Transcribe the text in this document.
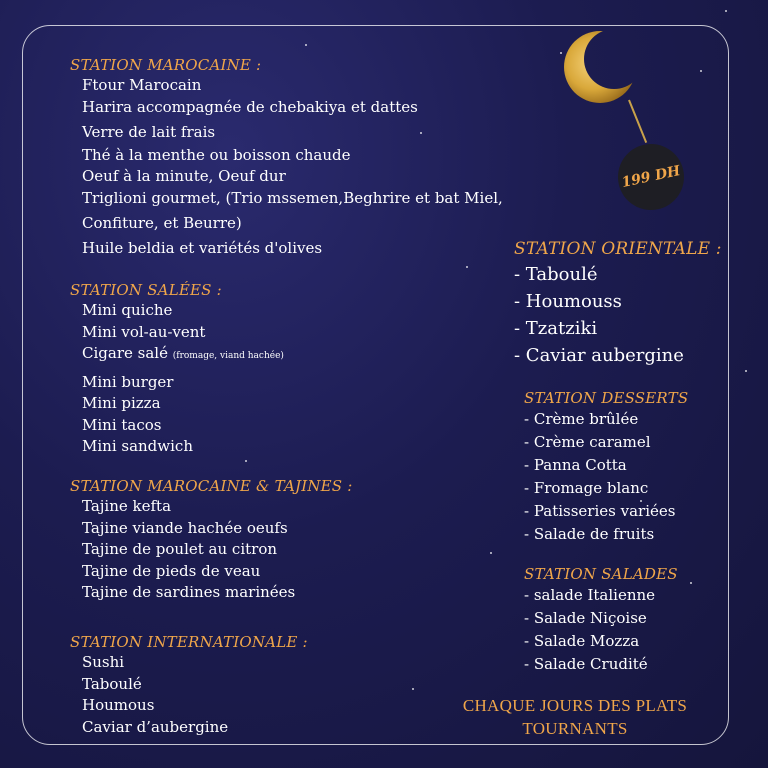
199 DH
STATION MAROCAINE :
Ftour Marocain
Harira accompagnée de chebakiya et dattes
Verre de lait frais
Thé à la menthe ou boisson chaude
Oeuf à la minute, Oeuf dur
Triglioni gourmet, (Trio mssemen,Beghrire et bat Miel,
Confiture, et Beurre)
Huile beldia et variétés d'olives
STATION SALÉES :
Mini quiche
Mini vol-au-vent
Cigare salé (fromage, viand hachée)
Mini burger
Mini pizza
Mini tacos
Mini sandwich
STATION MAROCAINE & TAJINES :
Tajine kefta
Tajine viande hachée oeufs
Tajine de poulet au citron
Tajine de pieds de veau
Tajine de sardines marinées
STATION INTERNATIONALE :
Sushi
Taboulé
Houmous
Caviar d’aubergine
STATION ORIENTALE :
- Taboulé
- Houmouss
- Tzatziki
- Caviar aubergine
STATION DESSERTS
- Crème brûlée
- Crème caramel
- Panna Cotta
- Fromage blanc
- Patisseries variées
- Salade de fruits
STATION SALADES
- salade Italienne
- Salade Niçoise
- Salade Mozza
- Salade Crudité
CHAQUE JOURS DES PLATS
TOURNANTS
